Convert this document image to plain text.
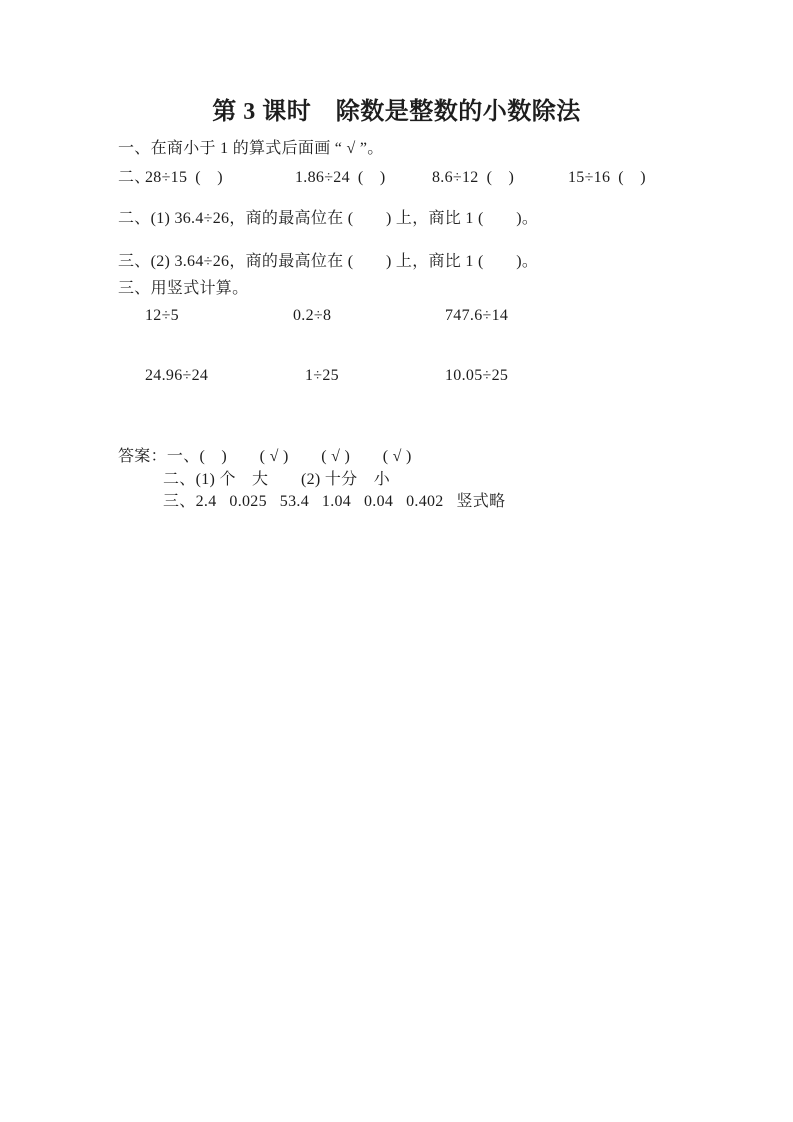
第 3 课时　除数是整数的小数除法
一、在商小于 1 的算式后面画 “ √ ”。
二、
28÷15 (　)	1.86÷24 (　)	8.6÷12 (　)	15÷16 (　)
二、(1) 36.4÷26，商的最高位在 (　　) 上，商比 1 (　　)。
三、(2) 3.64÷26，商的最高位在 (　　) 上，商比 1 (　　)。
三、用竖式计算。
12÷5	0.2÷8	747.6÷14
24.96÷24	1÷25	10.05÷25
答案：一、(　)　　( √ )　　( √ )　　( √ )
二、(1) 个　大　　(2) 十分　小
三、2.4   0.025   53.4   1.04   0.04   0.402   竖式略
